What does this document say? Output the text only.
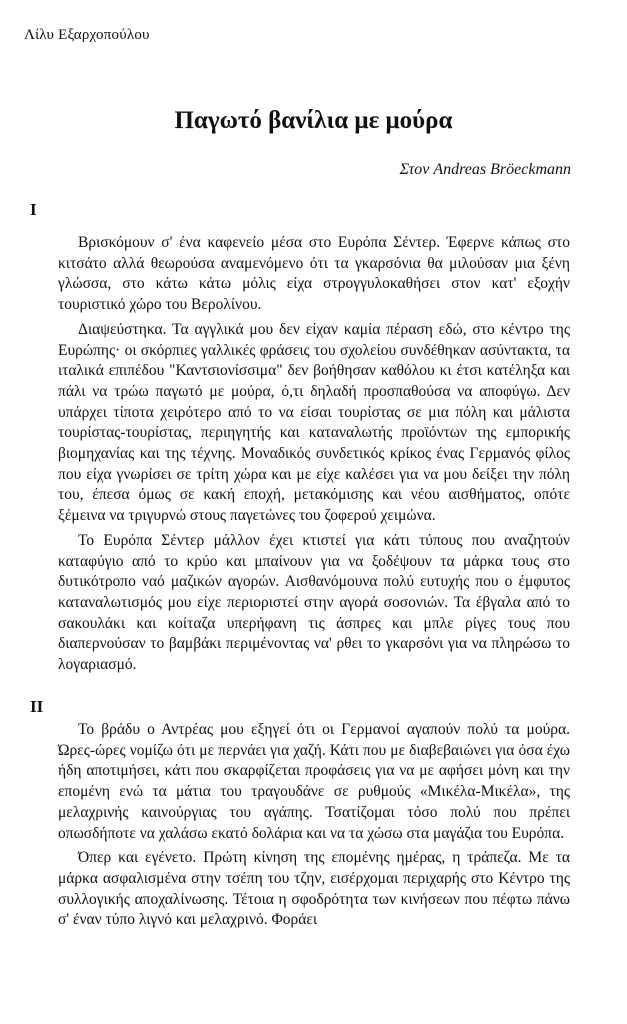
Λίλυ Εξαρχοπούλου
Παγωτό βανίλια με μούρα
Στον Andreas Bröeckmann
I

Βρισκόμουν σ' ένα καφενείο μέσα στο Ευρόπα Σέντερ. Έφερνε κάπως στο κιτσάτο αλλά θεωρούσα αναμενόμενο ότι τα γκαρσόνια θα μιλούσαν μια ξένη γλώσσα, στο κάτω κάτω μόλις είχα στρογγυλοκαθήσει στον κατ' εξοχήν τουριστικό χώρο του Βερολίνου.

Διαψεύστηκα. Τα αγγλικά μου δεν είχαν καμία πέραση εδώ, στο κέντρο της Ευρώπης· οι σκόρπιες γαλλικές φράσεις του σχολείου συνδέθηκαν ασύντακτα, τα ιταλικά επιπέδου "Καντσιονίσσιμα" δεν βοήθησαν καθόλου κι έτσι κατέληξα και πάλι να τρώω παγωτό με μούρα, ό,τι δηλαδή προσπαθούσα να αποφύγω. Δεν υπάρχει τίποτα χειρότερο από το να είσαι τουρίστας σε μια πόλη και μάλιστα τουρίστας-τουρίστας, περιηγητής και καταναλωτής προϊόντων της εμπορικής βιομηχανίας και της τέχνης. Μοναδικός συνδετικός κρίκος ένας Γερμανός φίλος που είχα γνωρίσει σε τρίτη χώρα και με είχε καλέσει για να μου δείξει την πόλη του, έπεσα όμως σε κακή εποχή, μετακόμισης και νέου αισθήματος, οπότε ξέμεινα να τριγυρνώ στους παγετώνες του ζοφερού χειμώνα.

Το Ευρόπα Σέντερ μάλλον έχει κτιστεί για κάτι τύπους που αναζητούν καταφύγιο από το κρύο και μπαίνουν για να ξοδέψουν τα μάρκα τους στο δυτικότροπο ναό μαζικών αγορών. Αισθανόμουνα πολύ ευτυχής που ο έμφυτος καταναλωτισμός μου είχε περιοριστεί στην αγορά σοσονιών. Τα έβγαλα από το σακουλάκι και κοίταζα υπερήφανη τις άσπρες και μπλε ρίγες τους που διαπερνούσαν το βαμβάκι περιμένοντας να' ρθει το γκαρσόνι για να πληρώσω το λογαριασμό.

II

Το βράδυ ο Αντρέας μου εξηγεί ότι οι Γερμανοί αγαπούν πολύ τα μούρα. Ώρες-ώρες νομίζω ότι με περνάει για χαζή. Κάτι που με διαβεβαιώνει για όσα έχω ήδη αποτιμήσει, κάτι που σκαρφίζεται προφάσεις για να με αφήσει μόνη και την επομένη ενώ τα μάτια του τραγουδάνε σε ρυθμούς «Μικέλα-Μικέλα», της μελαχρινής καινούργιας του αγάπης. Τσατίζομαι τόσο πολύ που πρέπει οπωσδήποτε να χαλάσω εκατό δολάρια και να τα χώσω στα μαγάζια του Ευρόπα.

Όπερ και εγένετο. Πρώτη κίνηση της επομένης ημέρας, η τράπεζα. Με τα μάρκα ασφαλισμένα στην τσέπη του τζην, εισέρχομαι περιχαρής στο Κέντρο της συλλογικής αποχαλίνωσης. Τέτοια η σφοδρότητα των κινήσεων που πέφτω πάνω σ' έναν τύπο λιγνό και μελαχρινό. Φοράει
